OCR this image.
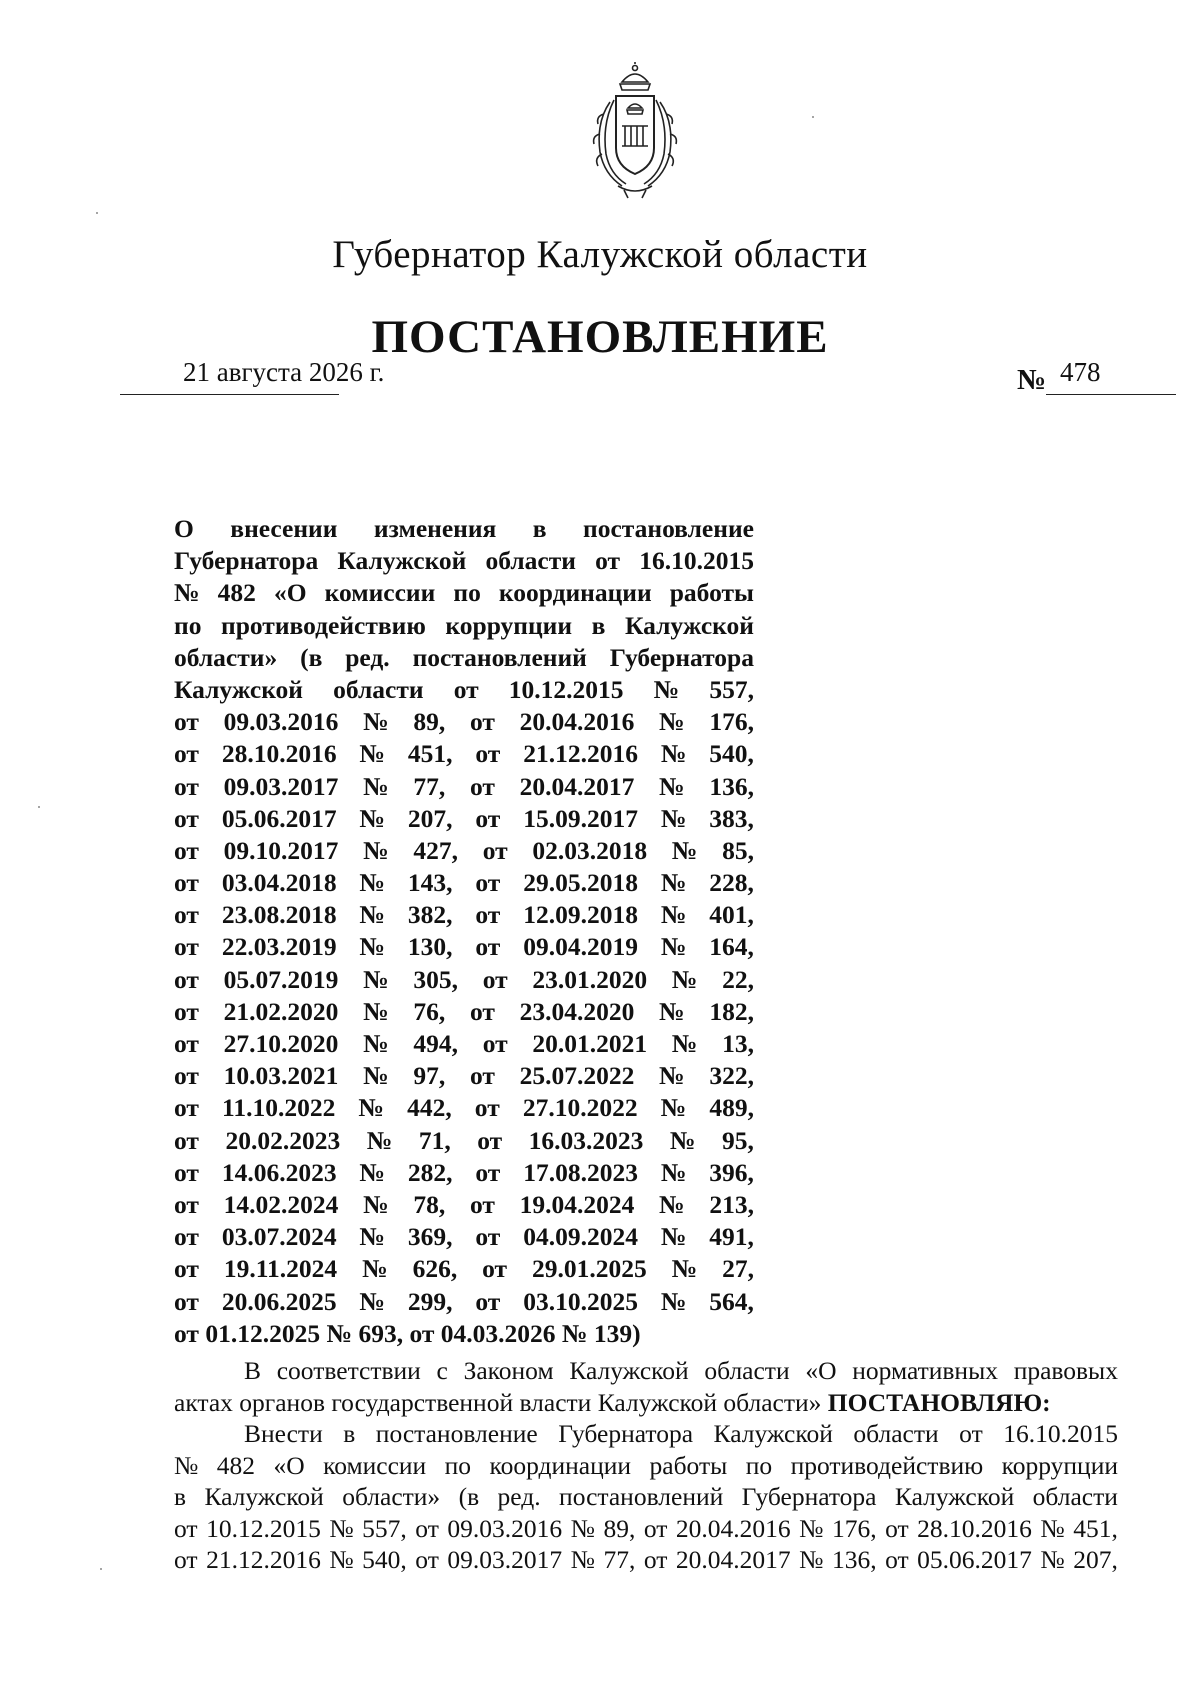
Губернатор Калужской области
ПОСТАНОВЛЕНИЕ
21 августа 2026 г.	№ 478
О внесении изменения в постановление
Губернатора Калужской области от 16.10.2015
№ 482 «О комиссии по координации работы
по противодействию коррупции в Калужской
области» (в ред. постановлений Губернатора
Калужской области от 10.12.2015 № 557,
от 09.03.2016 № 89, от 20.04.2016 № 176,
от 28.10.2016 № 451, от 21.12.2016 № 540,
от 09.03.2017 № 77, от 20.04.2017 № 136,
от 05.06.2017 № 207, от 15.09.2017 № 383,
от 09.10.2017 № 427, от 02.03.2018 № 85,
от 03.04.2018 № 143, от 29.05.2018 № 228,
от 23.08.2018 № 382, от 12.09.2018 № 401,
от 22.03.2019 № 130, от 09.04.2019 № 164,
от 05.07.2019 № 305, от 23.01.2020 № 22,
от 21.02.2020 № 76, от 23.04.2020 № 182,
от 27.10.2020 № 494, от 20.01.2021 № 13,
от 10.03.2021 № 97, от 25.07.2022 № 322,
от 11.10.2022 № 442, от 27.10.2022 № 489,
от 20.02.2023 № 71, от 16.03.2023 № 95,
от 14.06.2023 № 282, от 17.08.2023 № 396,
от 14.02.2024 № 78, от 19.04.2024 № 213,
от 03.07.2024 № 369, от 04.09.2024 № 491,
от 19.11.2024 № 626, от 29.01.2025 № 27,
от 20.06.2025 № 299, от 03.10.2025 № 564,
от 01.12.2025 № 693, от 04.03.2026 № 139)
В соответствии с Законом Калужской области «О нормативных правовых
актах органов государственной власти Калужской области»
ПОСТАНОВЛЯЮ:
Внести в постановление Губернатора Калужской области от 16.10.2015
№ 482 «О комиссии по координации работы по противодействию коррупции
в Калужской области» (в ред. постановлений Губернатора Калужской области
от 10.12.2015 № 557, от 09.03.2016 № 89, от 20.04.2016 № 176, от 28.10.2016 № 451,
от 21.12.2016 № 540, от 09.03.2017 № 77, от 20.04.2017 № 136, от 05.06.2017 № 207,
